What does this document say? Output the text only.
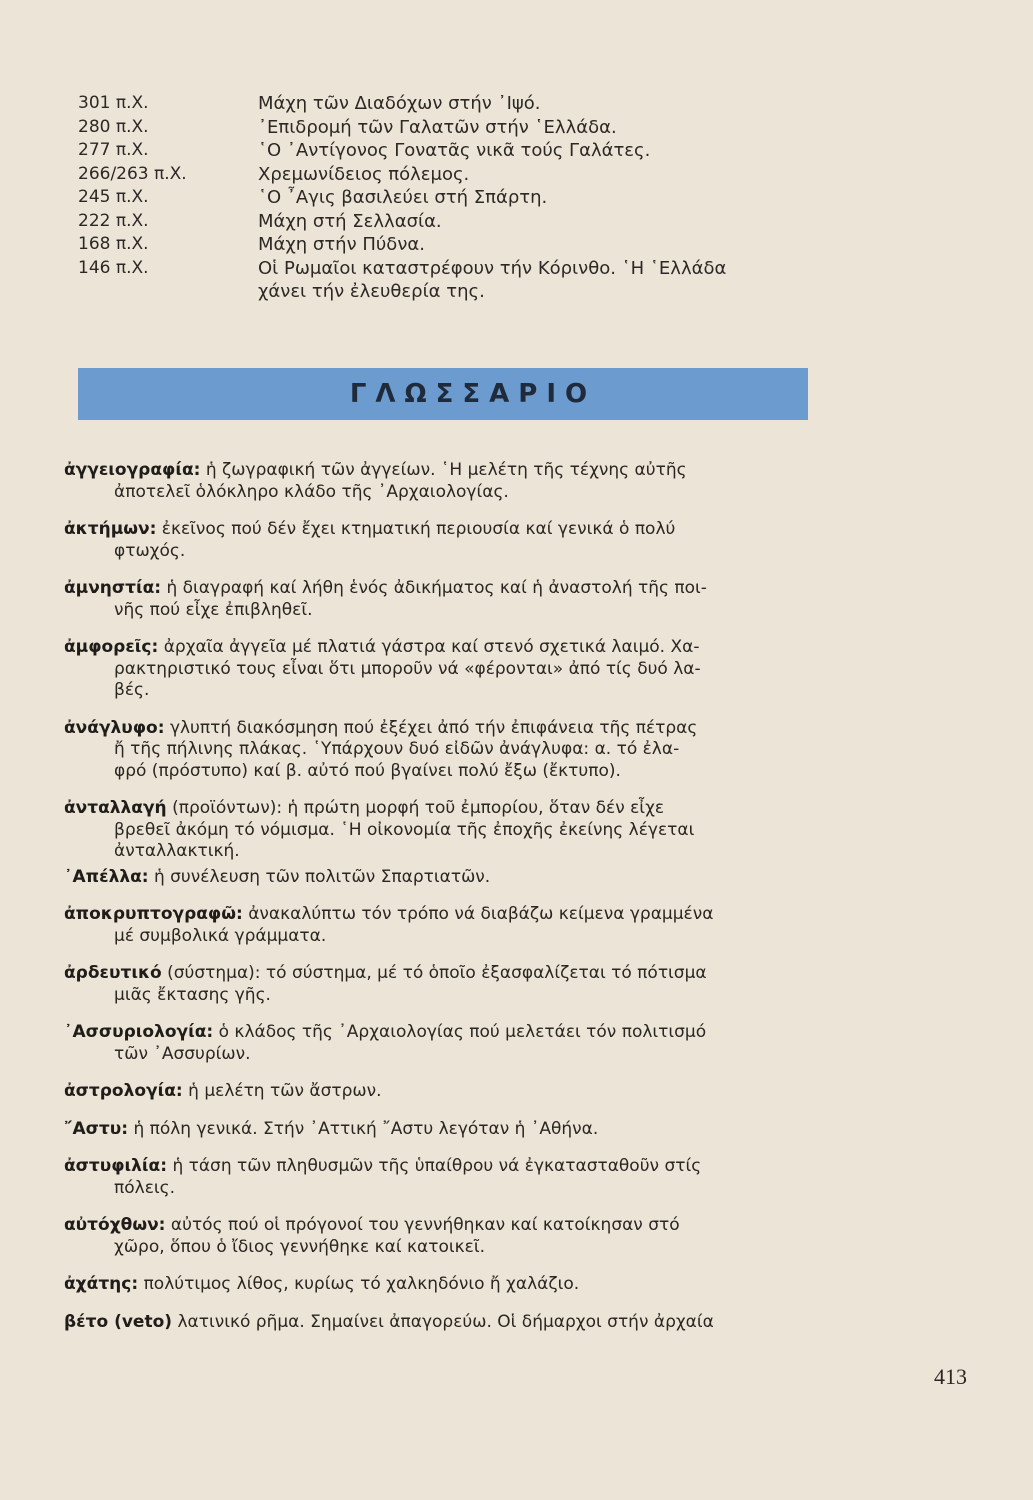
301 π.Χ.	Μάχη τῶν Διαδόχων στήν ᾽Ιψό.
280 π.Χ.	᾽Επιδρομή τῶν Γαλατῶν στήν ῾Ελλάδα.
277 π.Χ.	῾Ο ᾽Αντίγονος Γονατᾶς νικᾶ τούς Γαλάτες.
266/263 π.Χ.	Χρεμωνίδειος πόλεμος.
245 π.Χ.	῾Ο ῏Αγις βασιλεύει στή Σπάρτη.
222 π.Χ.	Μάχη στή Σελλασία.
168 π.Χ.	Μάχη στήν Πύδνα.
146 π.Χ.	Οἱ Ρωμαῖοι καταστρέφουν τήν Κόρινθο. ῾Η ῾Ελλάδα
χάνει τήν ἐλευθερία της.
ΓΛΩΣΣΑΡΙΟ
ἀγγειογραφία: ἡ ζωγραφική τῶν ἀγγείων. ῾Η μελέτη τῆς τέχνης αὐτῆς
ἀποτελεῖ ὁλόκληρο κλάδο τῆς ᾽Αρχαιολογίας.
ἀκτήμων: ἐκεῖνος πού δέν ἔχει κτηματική περιουσία καί γενικά ὁ πολύ
φτωχός.
ἀμνηστία: ἡ διαγραφή καί λήθη ἑνός ἀδικήματος καί ἡ ἀναστολή τῆς ποι-
νῆς πού εἶχε ἐπιβληθεῖ.
ἀμφορεῖς: ἀρχαῖα ἀγγεῖα μέ πλατιά γάστρα καί στενό σχετικά λαιμό. Χα-
ρακτηριστικό τους εἶναι ὅτι μποροῦν νά «φέρονται» ἀπό τίς δυό λα-
βές.
ἀνάγλυφο: γλυπτή διακόσμηση πού ἐξέχει ἀπό τήν ἐπιφάνεια τῆς πέτρας
ἤ τῆς πήλινης πλάκας. ῾Υπάρχουν δυό εἰδῶν ἀνάγλυφα: α. τό ἐλα-
φρό (πρόστυπο) καί β. αὐτό πού βγαίνει πολύ ἔξω (ἔκτυπο).
ἀνταλλαγή (προϊόντων): ἡ πρώτη μορφή τοῦ ἐμπορίου, ὅταν δέν εἶχε
βρεθεῖ ἀκόμη τό νόμισμα. ῾Η οἰκονομία τῆς ἐποχῆς ἐκείνης λέγεται
ἀνταλλακτική.
᾽Απέλλα: ἡ συνέλευση τῶν πολιτῶν Σπαρτιατῶν.
ἀποκρυπτογραφῶ: ἀνακαλύπτω τόν τρόπο νά διαβάζω κείμενα γραμμένα
μέ συμβολικά γράμματα.
ἀρδευτικό (σύστημα): τό σύστημα, μέ τό ὁποῖο ἐξασφαλίζεται τό πότισμα
μιᾶς ἔκτασης γῆς.
᾽Ασσυριολογία: ὁ κλάδος τῆς ᾽Αρχαιολογίας πού μελετάει τόν πολιτισμό
τῶν ᾽Ασσυρίων.
ἀστρολογία: ἡ μελέτη τῶν ἄστρων.
῎Αστυ: ἡ πόλη γενικά. Στήν ᾽Αττική ῎Αστυ λεγόταν ἡ ᾽Αθήνα.
ἀστυφιλία: ἡ τάση τῶν πληθυσμῶν τῆς ὑπαίθρου νά ἐγκατασταθοῦν στίς
πόλεις.
αὐτόχθων: αὐτός πού οἱ πρόγονοί του γεννήθηκαν καί κατοίκησαν στό
χῶρο, ὅπου ὁ ἴδιος γεννήθηκε καί κατοικεῖ.
ἀχάτης: πολύτιμος λίθος, κυρίως τό χαλκηδόνιο ἤ χαλάζιο.
βέτο (veto) λατινικό ρῆμα. Σημαίνει ἀπαγορεύω. Οἱ δήμαρχοι στήν ἀρχαία
413
